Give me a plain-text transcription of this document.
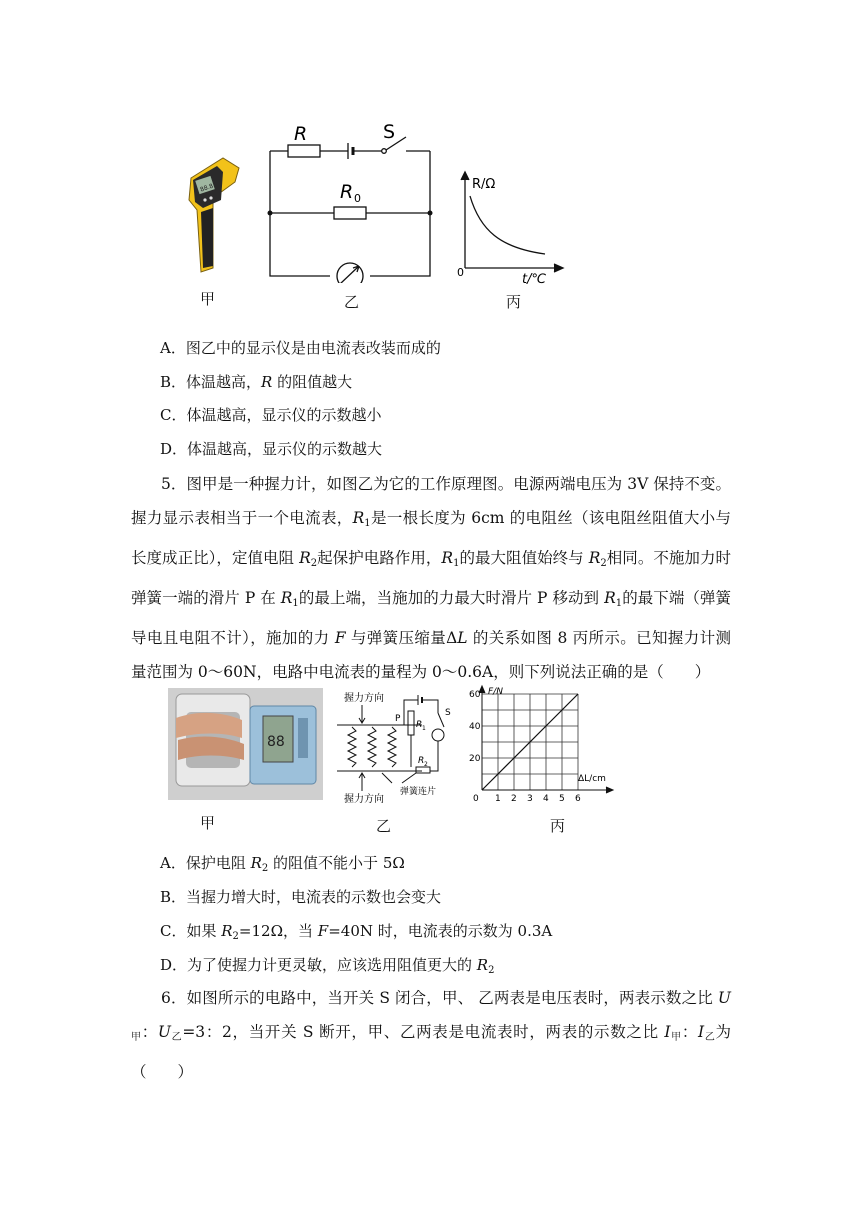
88.8
甲
R	S
R 0
乙
R/Ω
0	t/℃
丙
A．图乙中的显示仪是由电流表改装而成的
B．体温越高，R 的阻值越大
C．体温越高，显示仪的示数越小
D．体温越高，显示仪的示数越大
5．图甲是一种握力计，如图乙为它的工作原理图。电源两端电压为 3V 保持不变。握力显示表相当于一个电流表，$R_1$是一根长度为 6cm 的电阻丝（该电阻丝阻值大小与长度成正比），定值电阻 $R_2$起保护电路作用，$R_1$的最大阻值始终与 $R_2$相同。不施加力时弹簧一端的滑片 P 在 $R_1$的最上端，当施加的力最大时滑片 P 移动到 $R_1$的最下端（弹簧导电且电阻不计），施加的力 F 与弹簧压缩量ΔL 的关系如图 8 丙所示。已知握力计测量范围为 0～60N，电路中电流表的量程为 0～0.6A，则下列说法正确的是（　　）
88
甲
握力方向
握力方向
P
R 1
S
R 2
弹簧连片
乙
0 1 2 3 4 5 6
20
40
60 F/N
ΔL/cm
丙
A．保护电阻 $R_2$ 的阻值不能小于 5Ω
B．当握力增大时，电流表的示数也会变大
C．如果 $R_2=12\Omega$，当 F=40N 时，电流表的示数为 0.3A
D．为了使握力计更灵敏，应该选用阻值更大的 $R_2$
6．如图所示的电路中，当开关 S 闭合，甲、 乙两表是电压表时，两表示数之比 $U_甲$：$U_乙=3$：2，当开关 S 断开，甲、乙两表是电流表时，两表的示数之比 $I_甲$：$I_乙$为（　　）
